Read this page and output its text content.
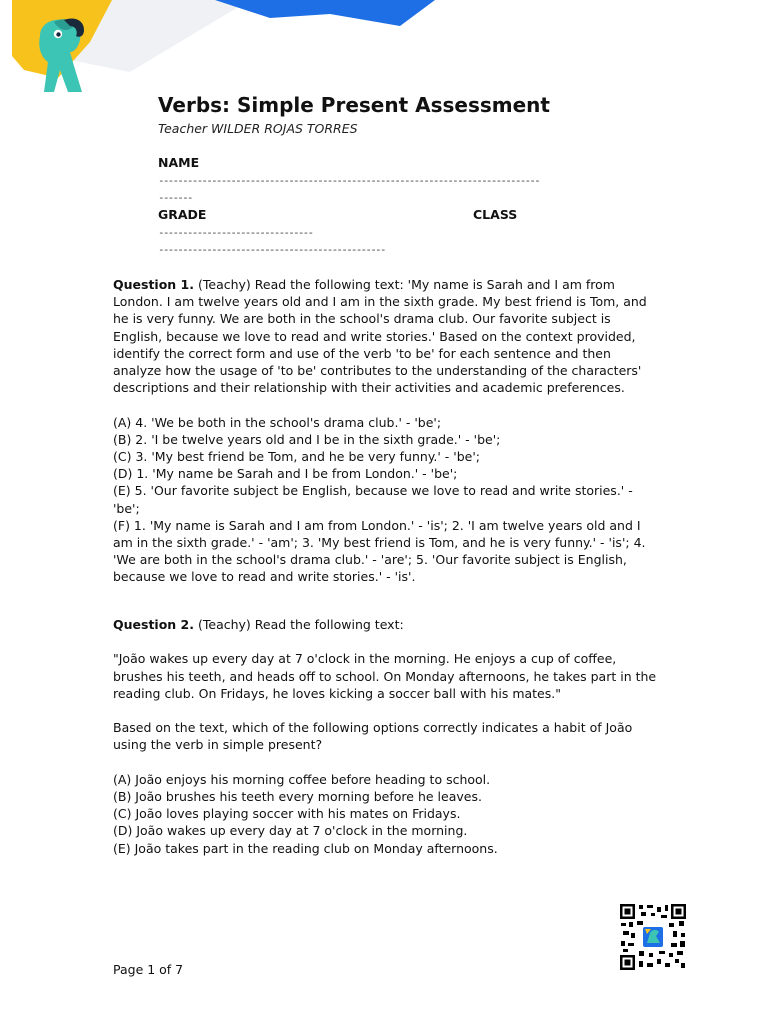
Verbs: Simple Present Assessment
Teacher WILDER ROJAS TORRES
NAME
-------------------------------------------------------------------------------
-------
GRADE	CLASS
--------------------------------
-----------------------------------------------

Question 1. (Teachy) Read the following text: 'My name is Sarah and I am from London. I am twelve years old and I am in the sixth grade. My best friend is Tom, and he is very funny. We are both in the school's drama club. Our favorite subject is English, because we love to read and write stories.' Based on the context provided, identify the correct form and use of the verb 'to be' for each sentence and then analyze how the usage of 'to be' contributes to the understanding of the characters' descriptions and their relationship with their activities and academic preferences.

(A) 4. 'We be both in the school's drama club.' - 'be';

(B) 2. 'I be twelve years old and I be in the sixth grade.' - 'be';

(C) 3. 'My best friend be Tom, and he be very funny.' - 'be';

(D) 1. 'My name be Sarah and I be from London.' - 'be';

(E) 5. 'Our favorite subject be English, because we love to read and write stories.' - 'be';

(F) 1. 'My name is Sarah and I am from London.' - 'is'; 2. 'I am twelve years old and I am in the sixth grade.' - 'am'; 3. 'My best friend is Tom, and he is very funny.' - 'is'; 4. 'We are both in the school's drama club.' - 'are'; 5. 'Our favorite subject is English, because we love to read and write stories.' - 'is'.

Question 2. (Teachy) Read the following text:

"João wakes up every day at 7 o'clock in the morning. He enjoys a cup of coffee, brushes his teeth, and heads off to school. On Monday afternoons, he takes part in the reading club. On Fridays, he loves kicking a soccer ball with his mates."

Based on the text, which of the following options correctly indicates a habit of João using the verb in simple present?

(A) João enjoys his morning coffee before heading to school.

(B) João brushes his teeth every morning before he leaves.

(C) João loves playing soccer with his mates on Fridays.

(D) João wakes up every day at 7 o'clock in the morning.

(E) João takes part in the reading club on Monday afternoons.

Page 1 of 7
